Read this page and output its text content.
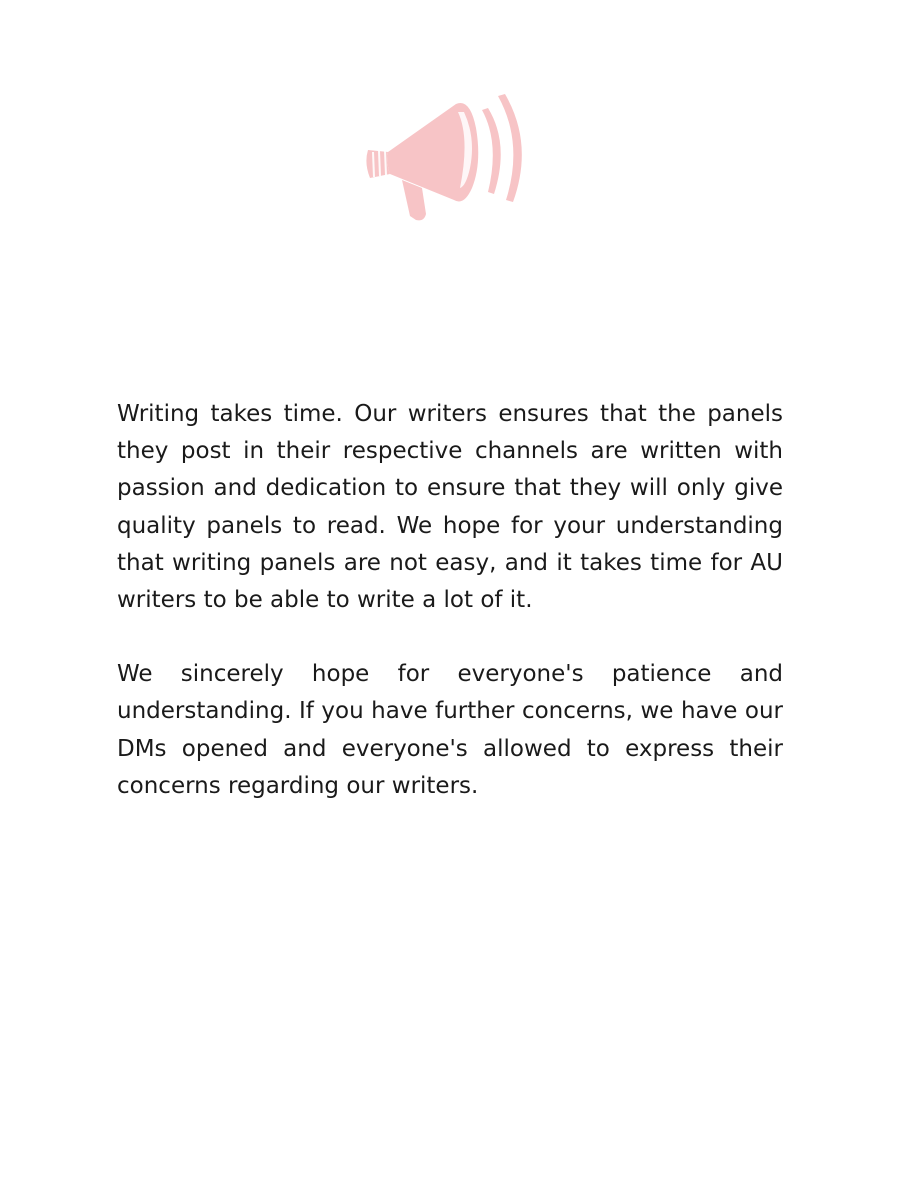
Writing takes time. Our writers ensures that the panels they post in their respective channels are written with passion and dedication to ensure that they will only give quality panels to read. We hope for your understanding that writing panels are not easy, and it takes time for AU writers to be able to write a lot of it.

We sincerely hope for everyone's patience and understanding. If you have further concerns, we have our DMs opened and everyone's allowed to express their concerns regarding our writers.
